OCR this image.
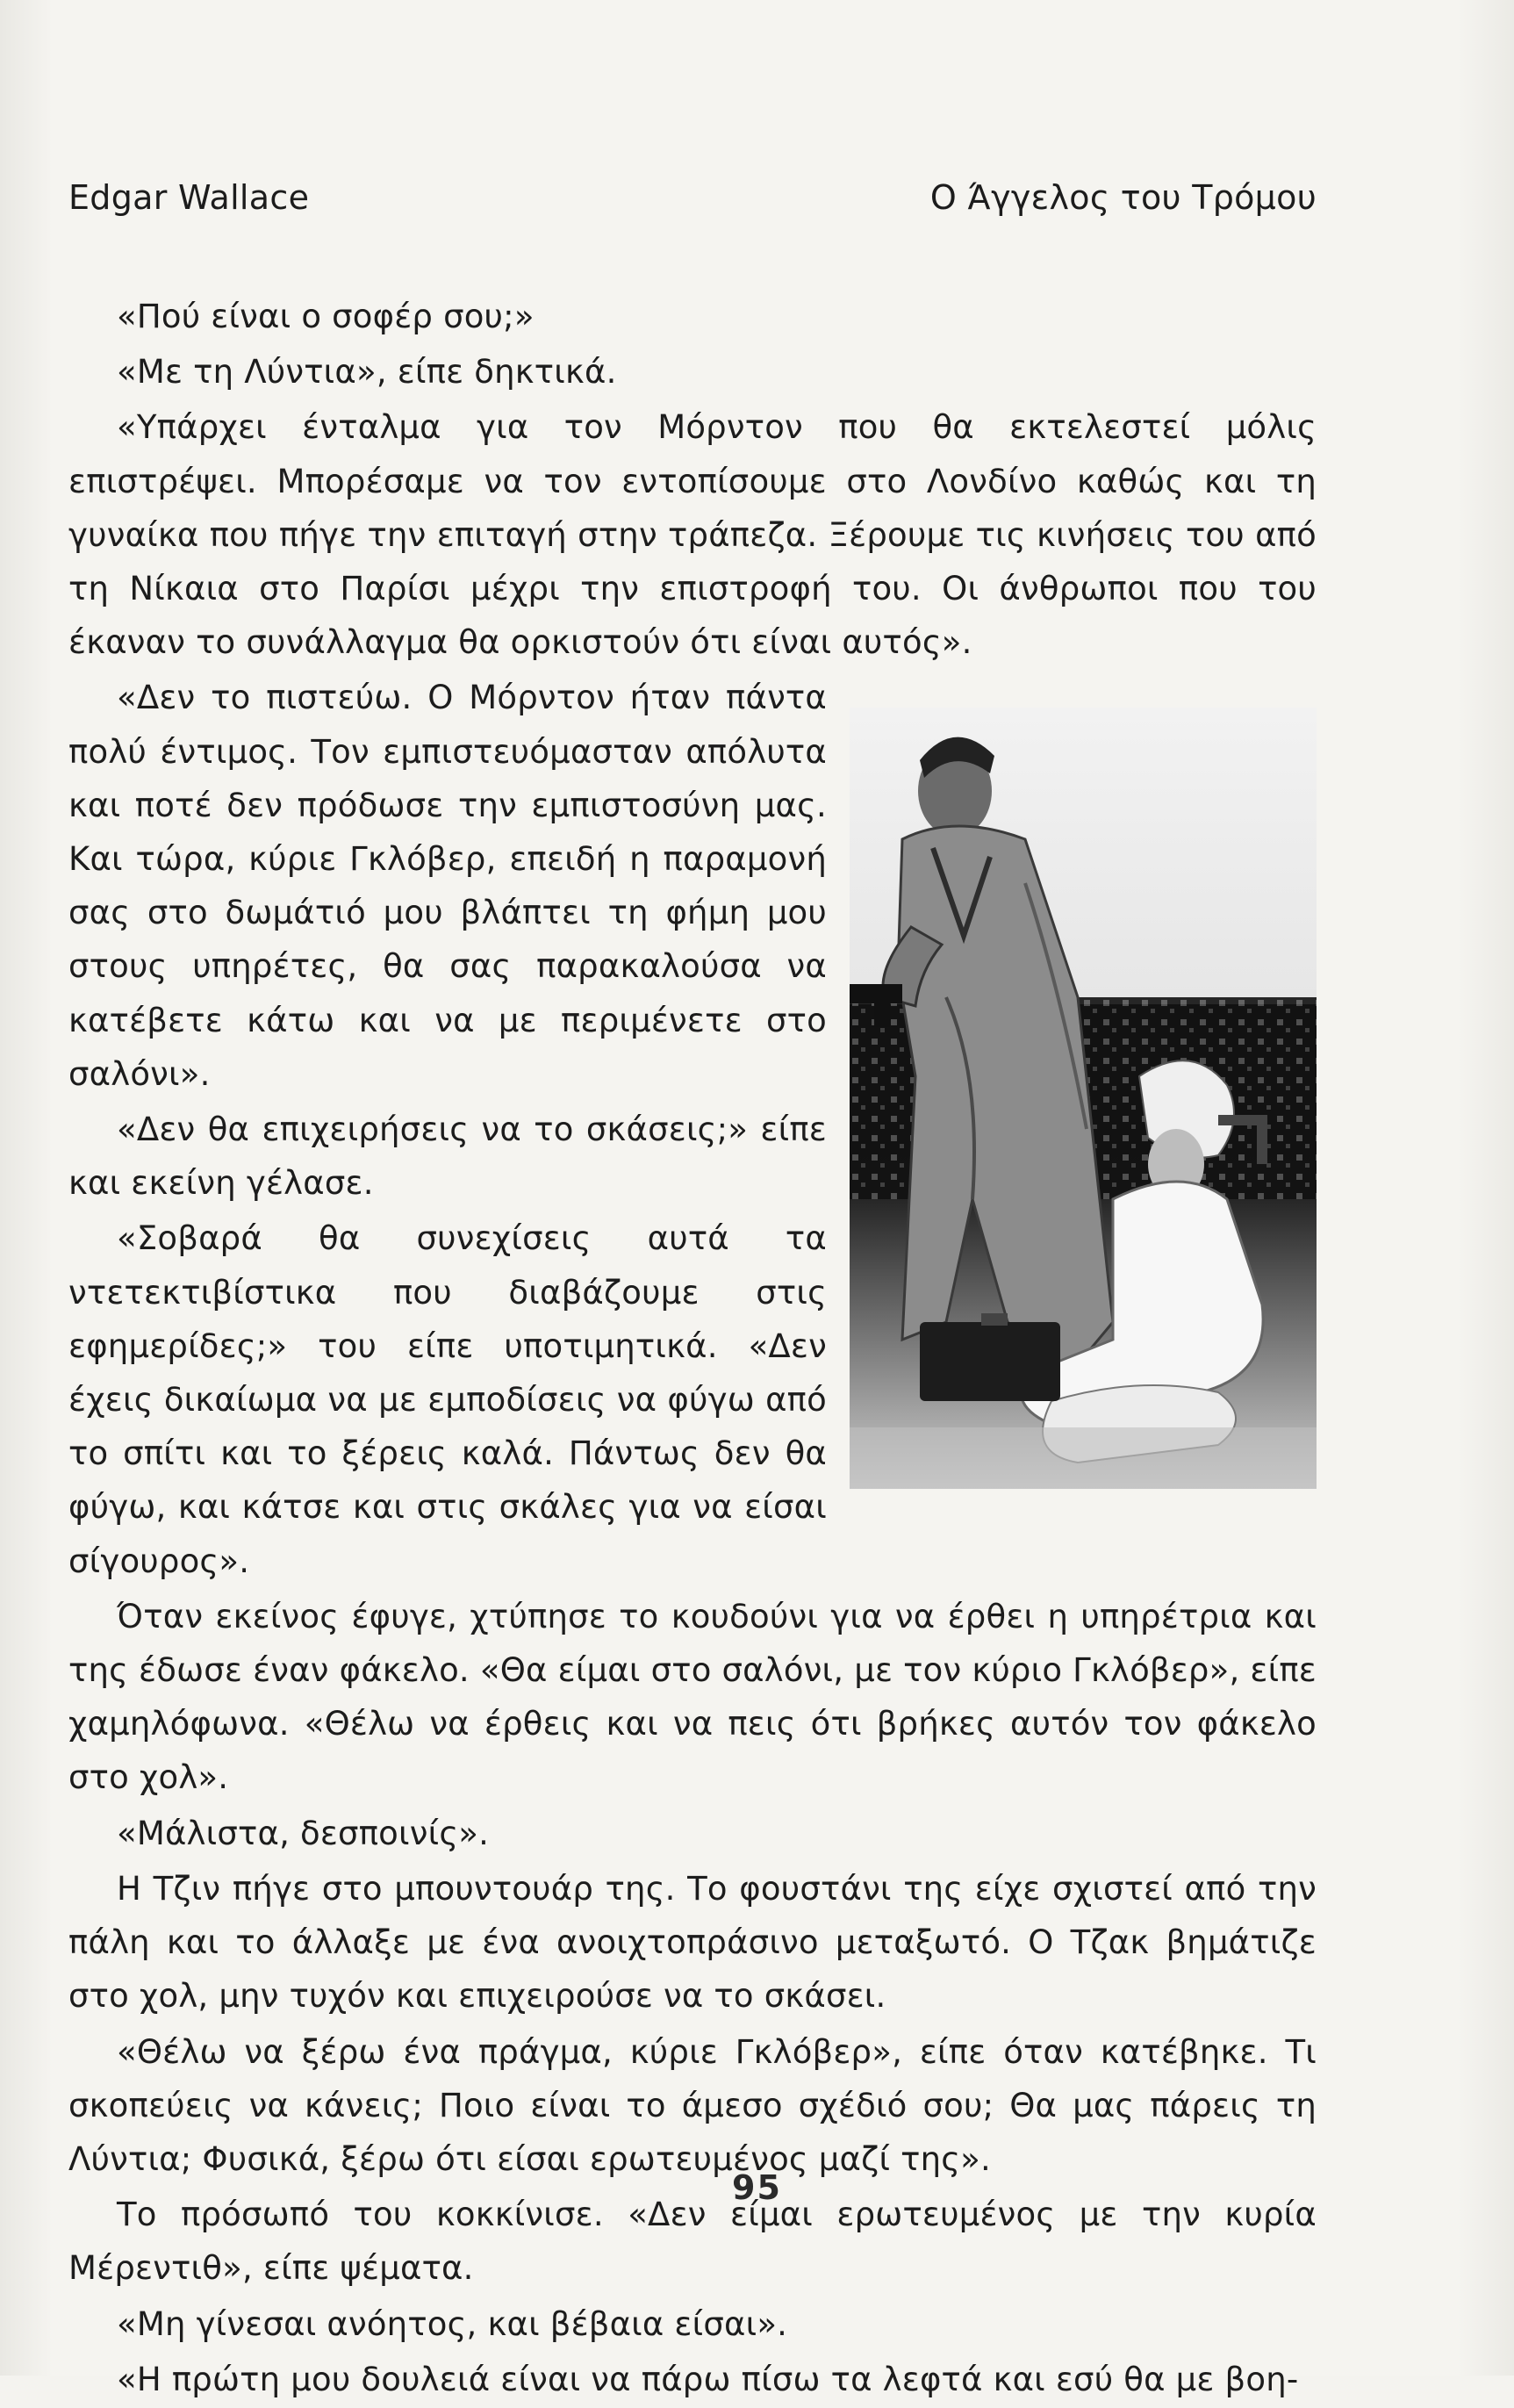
Edgar Wallace	Ο Άγγελος του Τρόμου

«Πού είναι ο σοφέρ σου;»

«Με τη Λύντια», είπε δηκτικά.

«Υπάρχει ένταλμα για τον Μόρντον που θα εκτελεστεί μόλις επιστρέψει. Μπορέσαμε να τον εντοπίσουμε στο Λονδίνο καθώς και τη γυναίκα που πήγε την επιταγή στην τράπεζα. Ξέρουμε τις κινήσεις του από τη Νίκαια στο Παρίσι μέχρι την επιστροφή του. Οι άνθρωποι που του έκαναν το συνάλλαγμα θα ορκιστούν ότι είναι αυτός».

«Δεν το πιστεύω. Ο Μόρντον ήταν πάντα πολύ έντιμος. Τον εμπιστευόμασταν απόλυτα και ποτέ δεν πρόδωσε την εμπιστοσύνη μας. Και τώρα, κύριε Γκλόβερ, επειδή η παραμονή σας στο δωμάτιό μου βλάπτει τη φήμη μου στους υπηρέτες, θα σας παρακαλούσα να κατέβετε κάτω και να με περιμένετε στο σαλόνι».

«Δεν θα επιχειρήσεις να το σκάσεις;» είπε και εκείνη γέλασε.

«Σοβαρά θα συνεχίσεις αυτά τα ντετεκτιβίστικα που διαβάζουμε στις εφημερίδες;» του είπε υποτιμητικά. «Δεν έχεις δικαίωμα να με εμποδίσεις να φύγω από το σπίτι και το ξέρεις καλά. Πάντως δεν θα φύγω, και κάτσε και στις σκάλες για να είσαι σίγουρος».

Όταν εκείνος έφυγε, χτύπησε το κουδούνι για να έρθει η υπηρέτρια και της έδωσε έναν φάκελο. «Θα είμαι στο σαλόνι, με τον κύριο Γκλόβερ», είπε χαμηλόφωνα. «Θέλω να έρθεις και να πεις ότι βρήκες αυτόν τον φάκελο στο χολ».

«Μάλιστα, δεσποινίς».

Η Τζιν πήγε στο μπουντουάρ της. Το φουστάνι της είχε σχιστεί από την πάλη και το άλλαξε με ένα ανοιχτοπράσινο μεταξωτό. Ο Τζακ βημάτιζε στο χολ, μην τυχόν και επιχειρούσε να το σκάσει.

«Θέλω να ξέρω ένα πράγμα, κύριε Γκλόβερ», είπε όταν κατέβηκε. Τι σκοπεύεις να κάνεις; Ποιο είναι το άμεσο σχέδιό σου; Θα μας πάρεις τη Λύντια; Φυσικά, ξέρω ότι είσαι ερωτευμένος μαζί της».

Το πρόσωπό του κοκκίνισε. «Δεν είμαι ερωτευμένος με την κυρία Μέρεντιθ», είπε ψέματα.

«Μη γίνεσαι ανόητος, και βέβαια είσαι».

«Η πρώτη μου δουλειά είναι να πάρω πίσω τα λεφτά και εσύ θα με βοη-

95
